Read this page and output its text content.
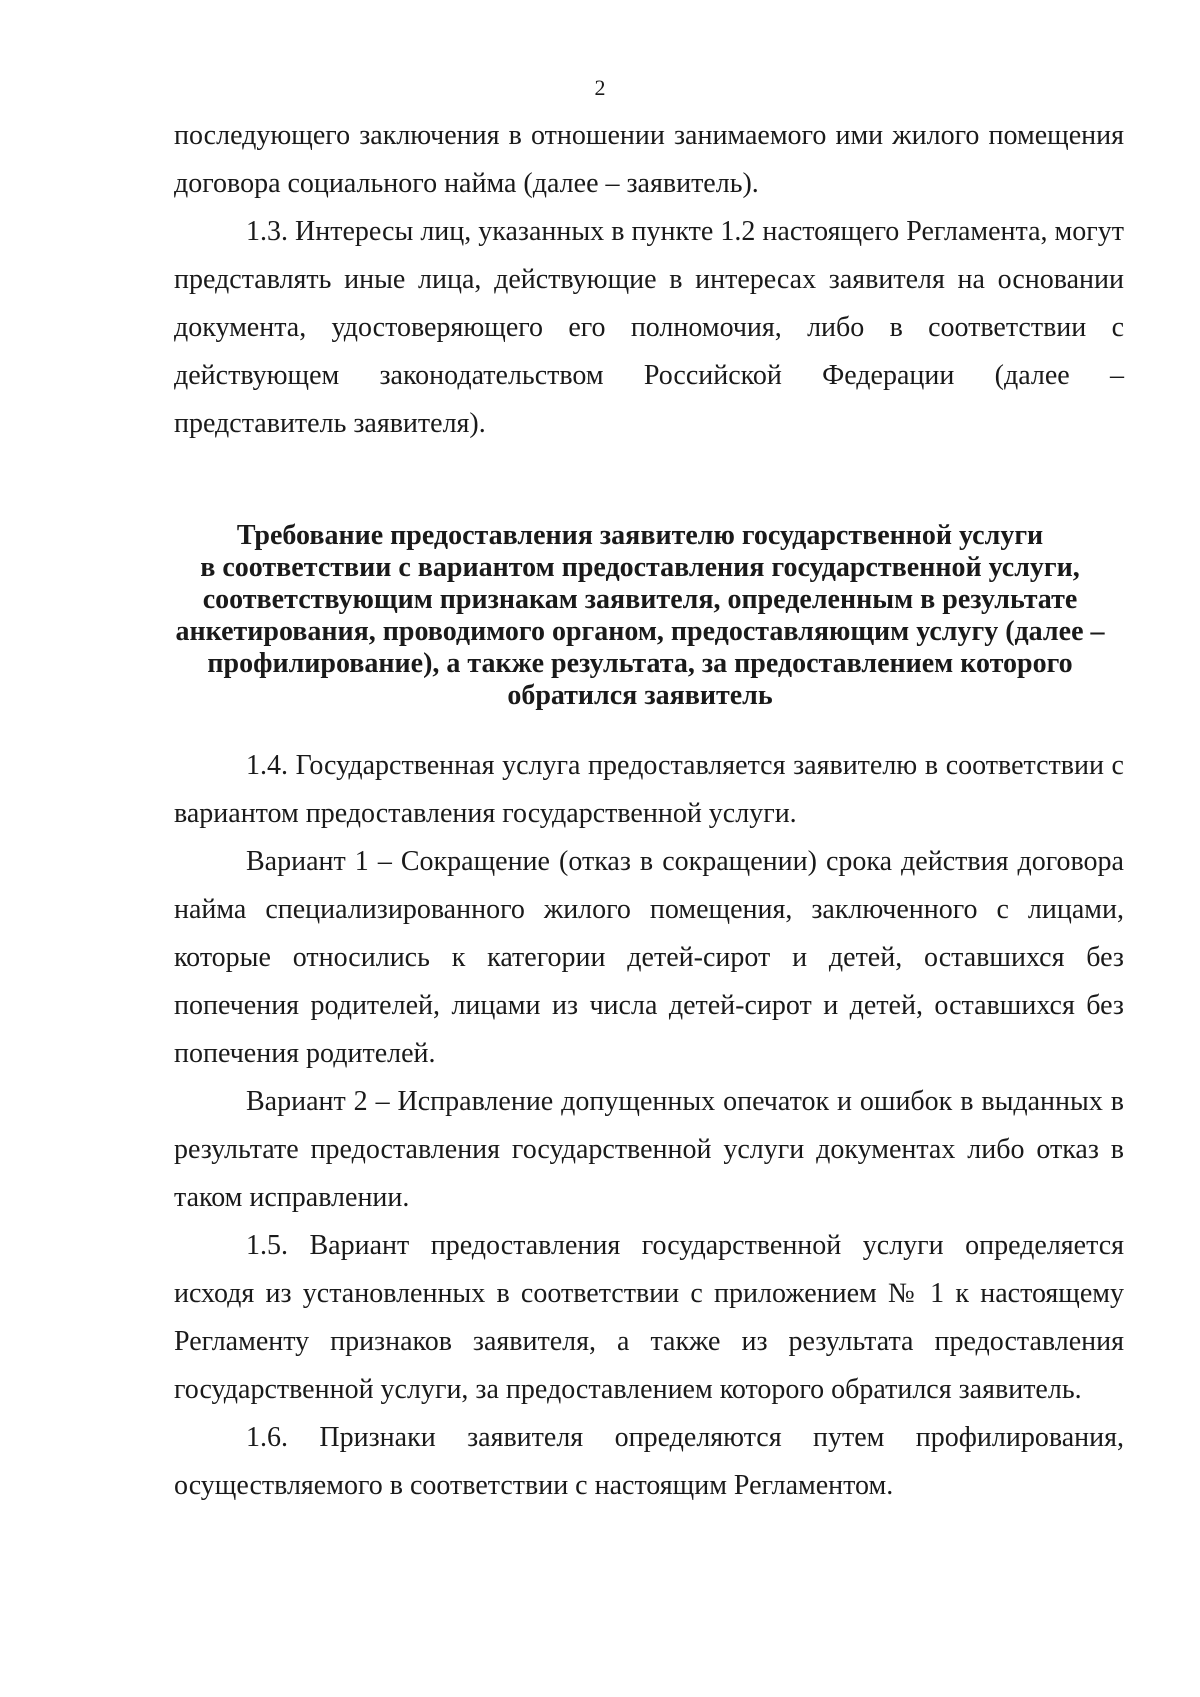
2

последующего заключения в отношении занимаемого ими жилого помещения договора социального найма (далее – заявитель).

1.3. Интересы лиц, указанных в пункте 1.2 настоящего Регламента, могут представлять иные лица, действующие в интересах заявителя на основании документа, удостоверяющего его полномочия, либо в соответствии с действующем законодательством Российской Федерации (далее – представитель заявителя).

Требование предоставления заявителю государственной услуги
в соответствии с вариантом предоставления государственной услуги,
соответствующим признакам заявителя, определенным в результате
анкетирования, проводимого органом, предоставляющим услугу (далее –
профилирование), а также результата, за предоставлением которого
обратился заявитель

1.4. Государственная услуга предоставляется заявителю в соответствии с вариантом предоставления государственной услуги.

Вариант 1 – Сокращение (отказ в сокращении) срока действия договора найма специализированного жилого помещения, заключенного с лицами, которые относились к категории детей-сирот и детей, оставшихся без попечения родителей, лицами из числа детей-сирот и детей, оставшихся без попечения родителей.

Вариант 2 – Исправление допущенных опечаток и ошибок в выданных в результате предоставления государственной услуги документах либо отказ в таком исправлении.

1.5. Вариант предоставления государственной услуги определяется исходя из установленных в соответствии с приложением № 1 к настоящему Регламенту признаков заявителя, а также из результата предоставления государственной услуги, за предоставлением которого обратился заявитель.

1.6. Признаки заявителя определяются путем профилирования, осуществляемого в соответствии с настоящим Регламентом.
